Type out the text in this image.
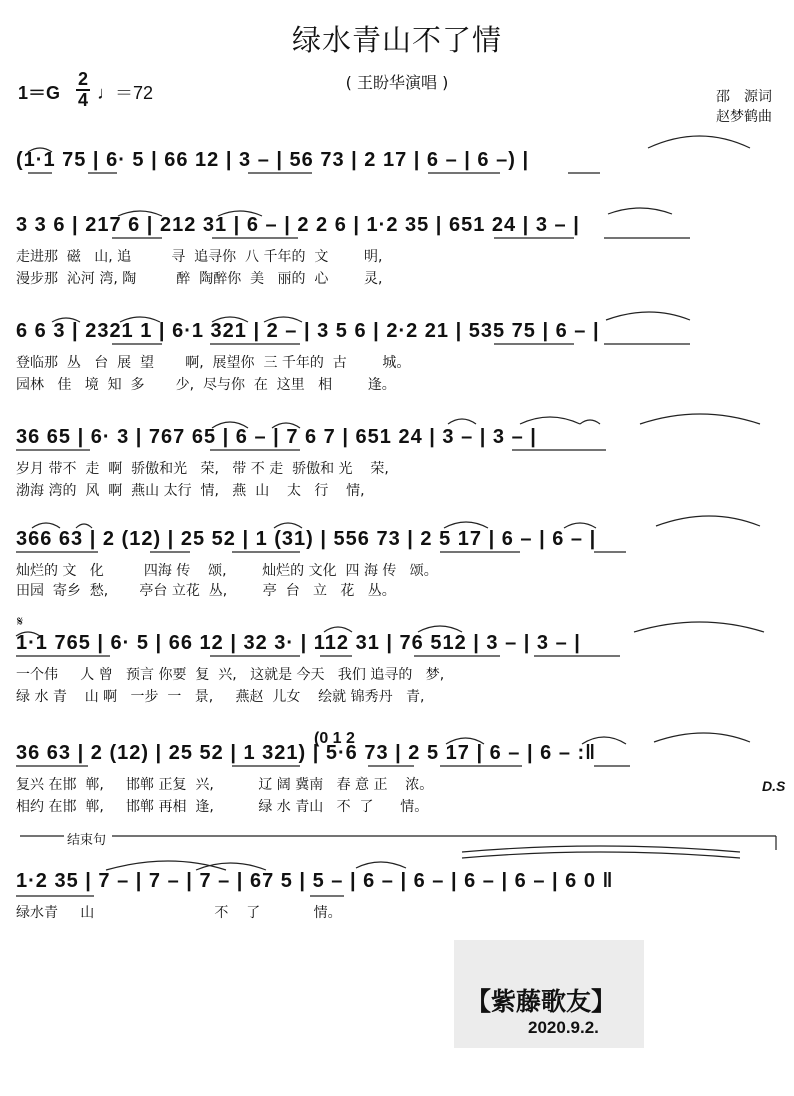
绿水青山不了情
( 王盼华演唱 )
1＝G
2
4 ♩＝72	邵　源词
赵梦鹤曲
(1·1 75 | 6· 5 | 66 12 | 3 – | 56 73 | 2 17 | 6 – | 6 –) |
3 3 6 | 217 6 | 212 31 | 6 – | 2 2 6 | 1·2 35 | 651 24 | 3 – |
走进那  磁   山, 追         寻  追寻你  八 千年的  文        明,
漫步那  沁河 湾, 陶         醉  陶醉你  美   丽的  心        灵,
6 6 3 | 2321 1 | 6·1 321 | 2 – | 3 5 6 | 2·2 21 | 535 75 | 6 – |
登临那  丛   台  展  望       啊,  展望你  三 千年的  古        城。
园林   佳   境  知  多       少,  尽与你  在  这里   相        逢。
36 65 | 6· 3 | 767 65 | 6 – | 7 6 7 | 651 24 | 3 – | 3 – |
岁月 带不  走  啊  骄傲和光   荣,   带 不 走  骄傲和 光    荣,
渤海 湾的  风  啊  燕山 太行  情,   燕  山    太   行    情,
366 63 | 2 (12) | 25 52 | 1 (31) | 556 73 | 2 5 17 | 6 – | 6 – |
灿烂的 文   化         四海 传    颂,        灿烂的 文化  四 海 传   颂。
田园  寄乡  愁,       亭台 立花  丛,        亭  台   立   花   丛。
𝄋
1·1 765 | 6· 5 | 66 12 | 32 3· | 112 31 | 76 512 | 3 – | 3 – |
一个伟     人 曾   预言 你要  复  兴,   这就是 今天   我们 追寻的   梦,
绿 水 青    山 啊   一步  一   景,     燕赵  儿女    绘就 锦秀丹   青,
(0 1 2
36 63 | 2 (12) | 25 52 | 1 321) | 5·6 73 | 2 5 17 | 6 – | 6 – :‖
D.S
复兴 在邯  郸,     邯郸 正复  兴,          辽 阔 冀南   春 意 正    浓。
相约 在邯  郸,     邯郸 再相  逢,          绿 水 青山   不  了      情。
结束句
1·2 35 | 7 – | 7 – | 7 – | 67 5 | 5 – | 6 – | 6 – | 6 – | 6 – | 6 0 ‖
绿水青     山                           不    了            情。
【紫藤歌友】
2020.9.2.
